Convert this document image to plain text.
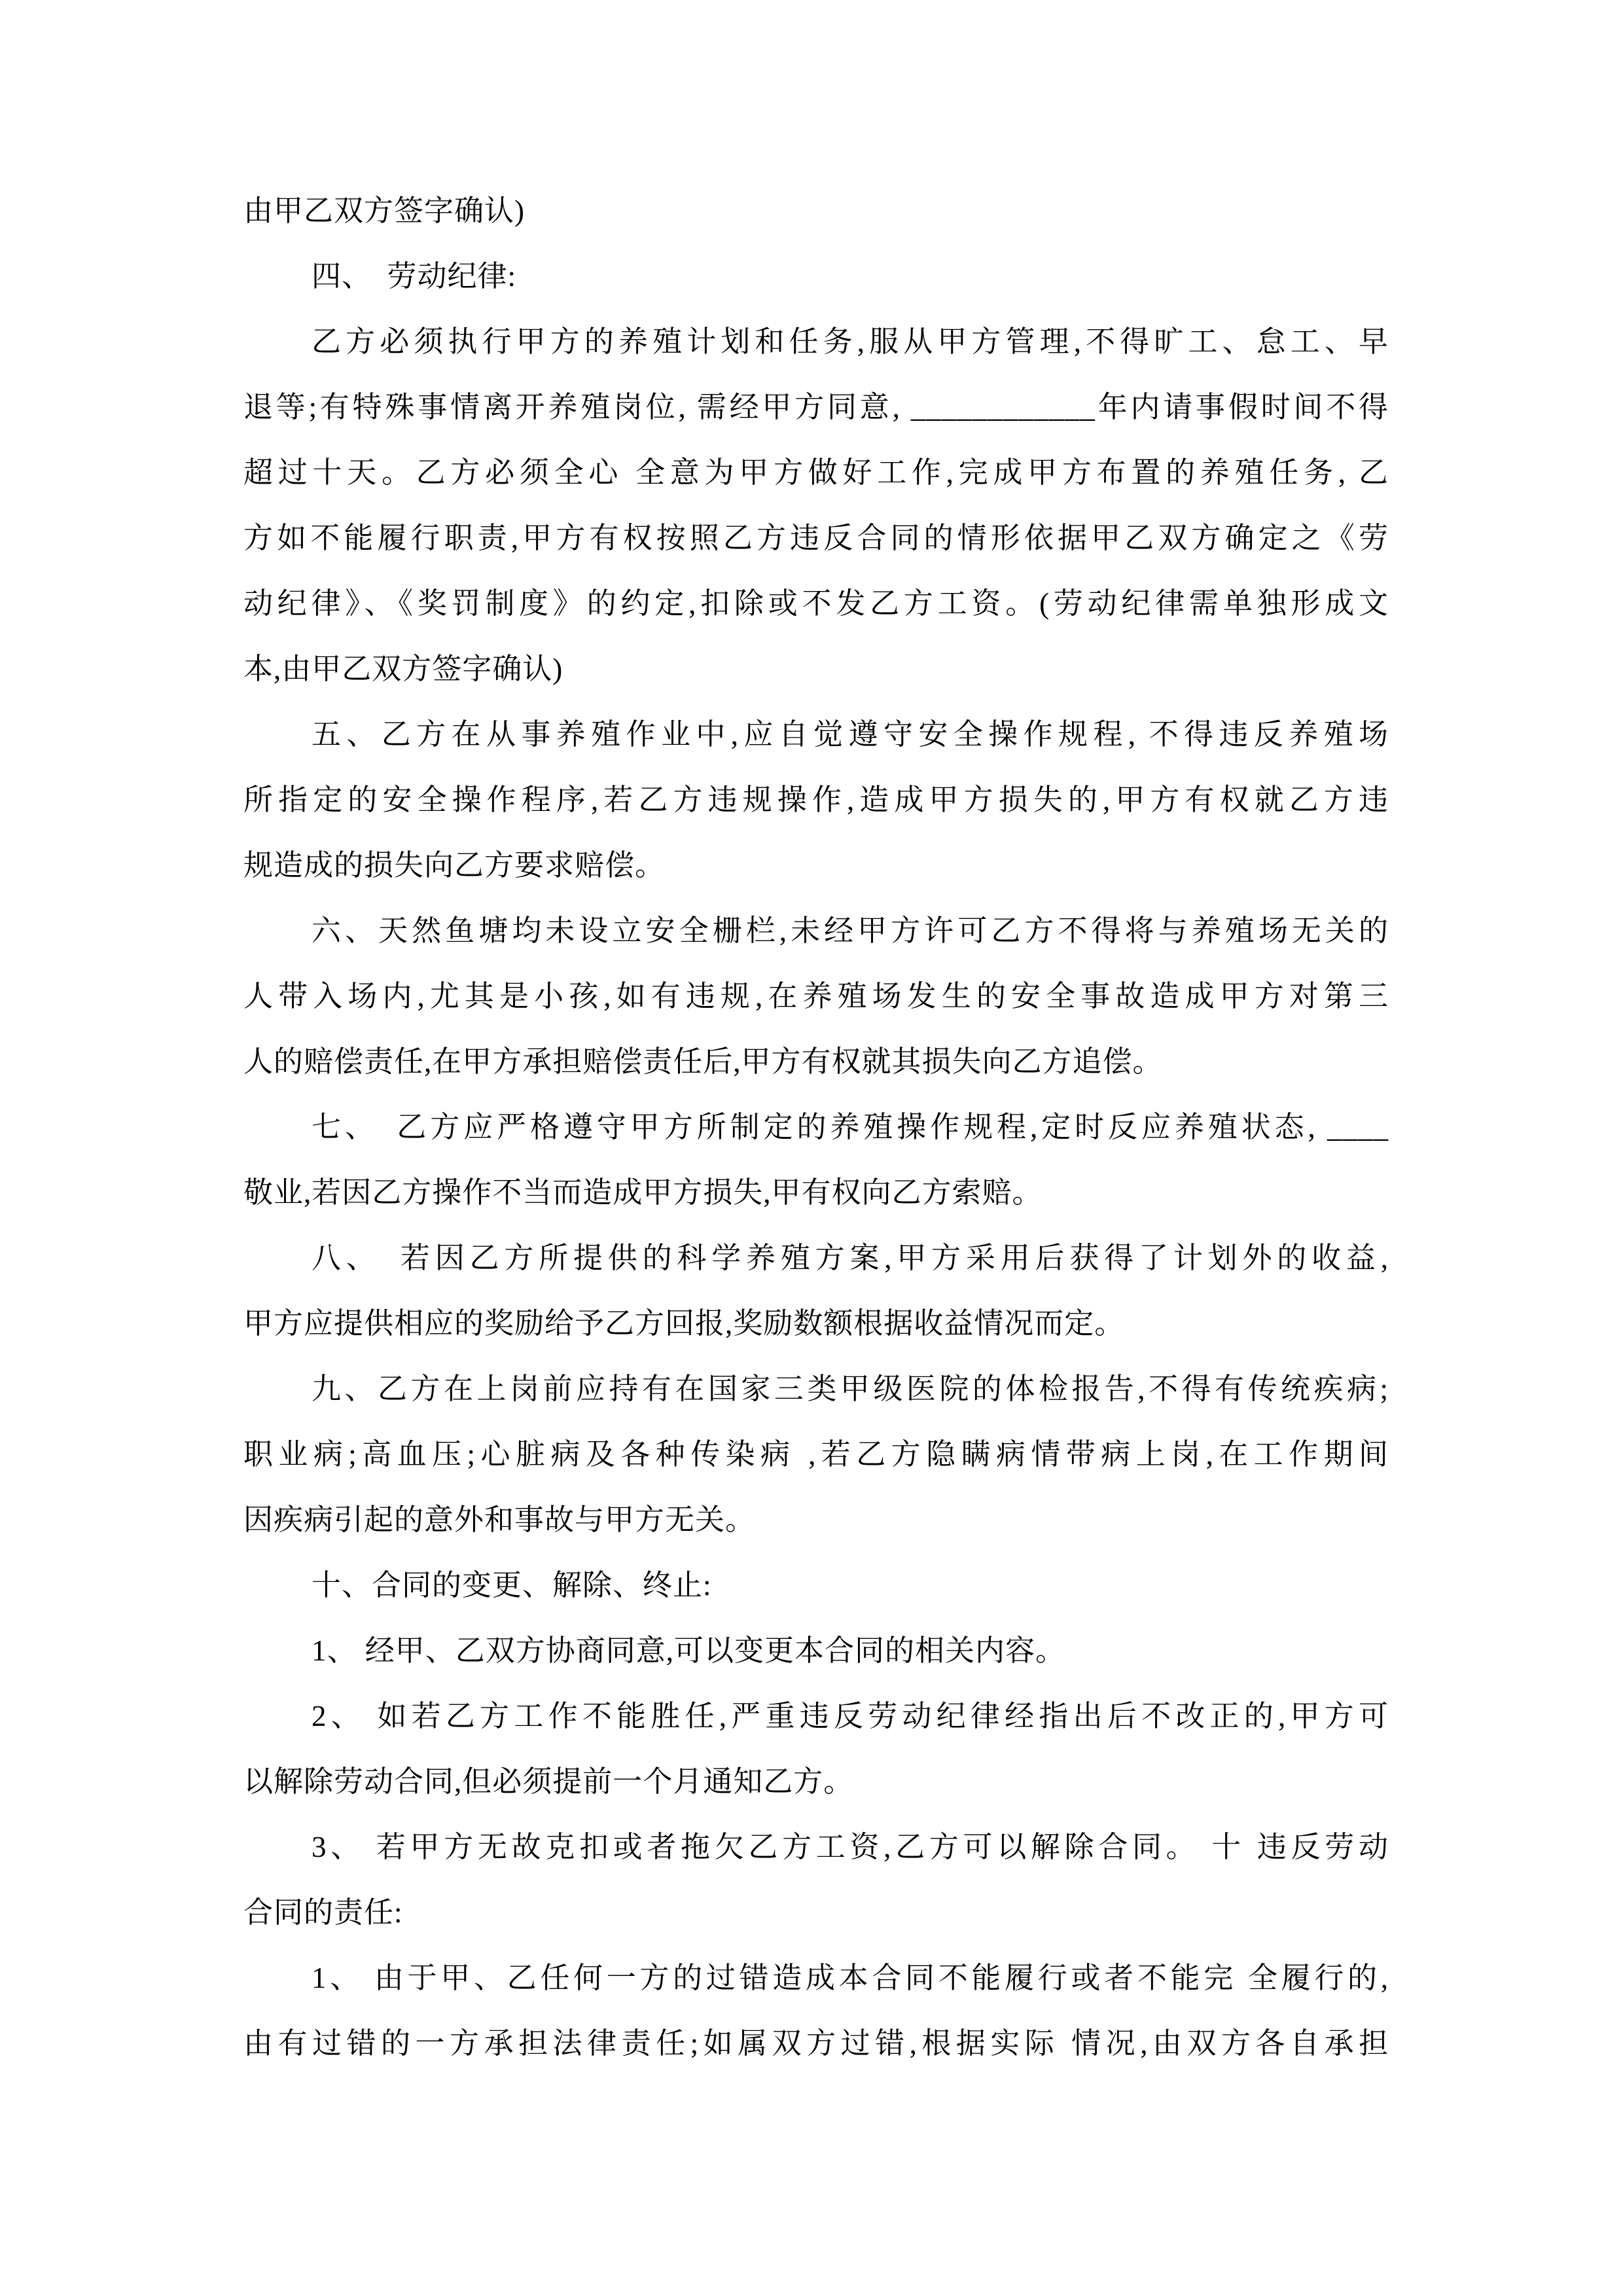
由甲乙双方签字确认)
四、　劳动纪律:
乙方必须执行甲方的养殖计划和任务,服从甲方管理,不得旷工、怠工、早
退等;有特殊事情离开养殖岗位, 需经甲方同意, ____________年内请事假时间不得
超过十天。乙方必须全心 全意为甲方做好工作,完成甲方布置的养殖任务, 乙
方如不能履行职责,甲方有权按照乙方违反合同的情形依据甲乙双方确定之《劳
动纪律》、《奖罚制度》的约定,扣除或不发乙方工资。(劳动纪律需单独形成文
本,由甲乙双方签字确认)
五、乙方在从事养殖作业中,应自觉遵守安全操作规程, 不得违反养殖场
所指定的安全操作程序,若乙方违规操作,造成甲方损失的,甲方有权就乙方违
规造成的损失向乙方要求赔偿。
六、天然鱼塘均未设立安全栅栏,未经甲方许可乙方不得将与养殖场无关的
人带入场内,尤其是小孩,如有违规,在养殖场发生的安全事故造成甲方对第三
人的赔偿责任,在甲方承担赔偿责任后,甲方有权就其损失向乙方追偿。
七、　乙方应严格遵守甲方所制定的养殖操作规程,定时反应养殖状态, ____
敬业,若因乙方操作不当而造成甲方损失,甲有权向乙方索赔。
八、　若因乙方所提供的科学养殖方案,甲方采用后获得了计划外的收益,
甲方应提供相应的奖励给予乙方回报,奖励数额根据收益情况而定。
九、乙方在上岗前应持有在国家三类甲级医院的体检报告,不得有传统疾病;
职业病;高血压;心脏病及各种传染病 ,若乙方隐瞒病情带病上岗,在工作期间
因疾病引起的意外和事故与甲方无关。
十、合同的变更、解除、终止:
1、 经甲、乙双方协商同意,可以变更本合同的相关内容。
2、 如若乙方工作不能胜任,严重违反劳动纪律经指出后不改正的,甲方可
以解除劳动合同,但必须提前一个月通知乙方。
3、 若甲方无故克扣或者拖欠乙方工资,乙方可以解除合同。 十 违反劳动
合同的责任:
1、 由于甲、乙任何一方的过错造成本合同不能履行或者不能完 全履行的,
由有过错的一方承担法律责任;如属双方过错,根据实际 情况,由双方各自承担
